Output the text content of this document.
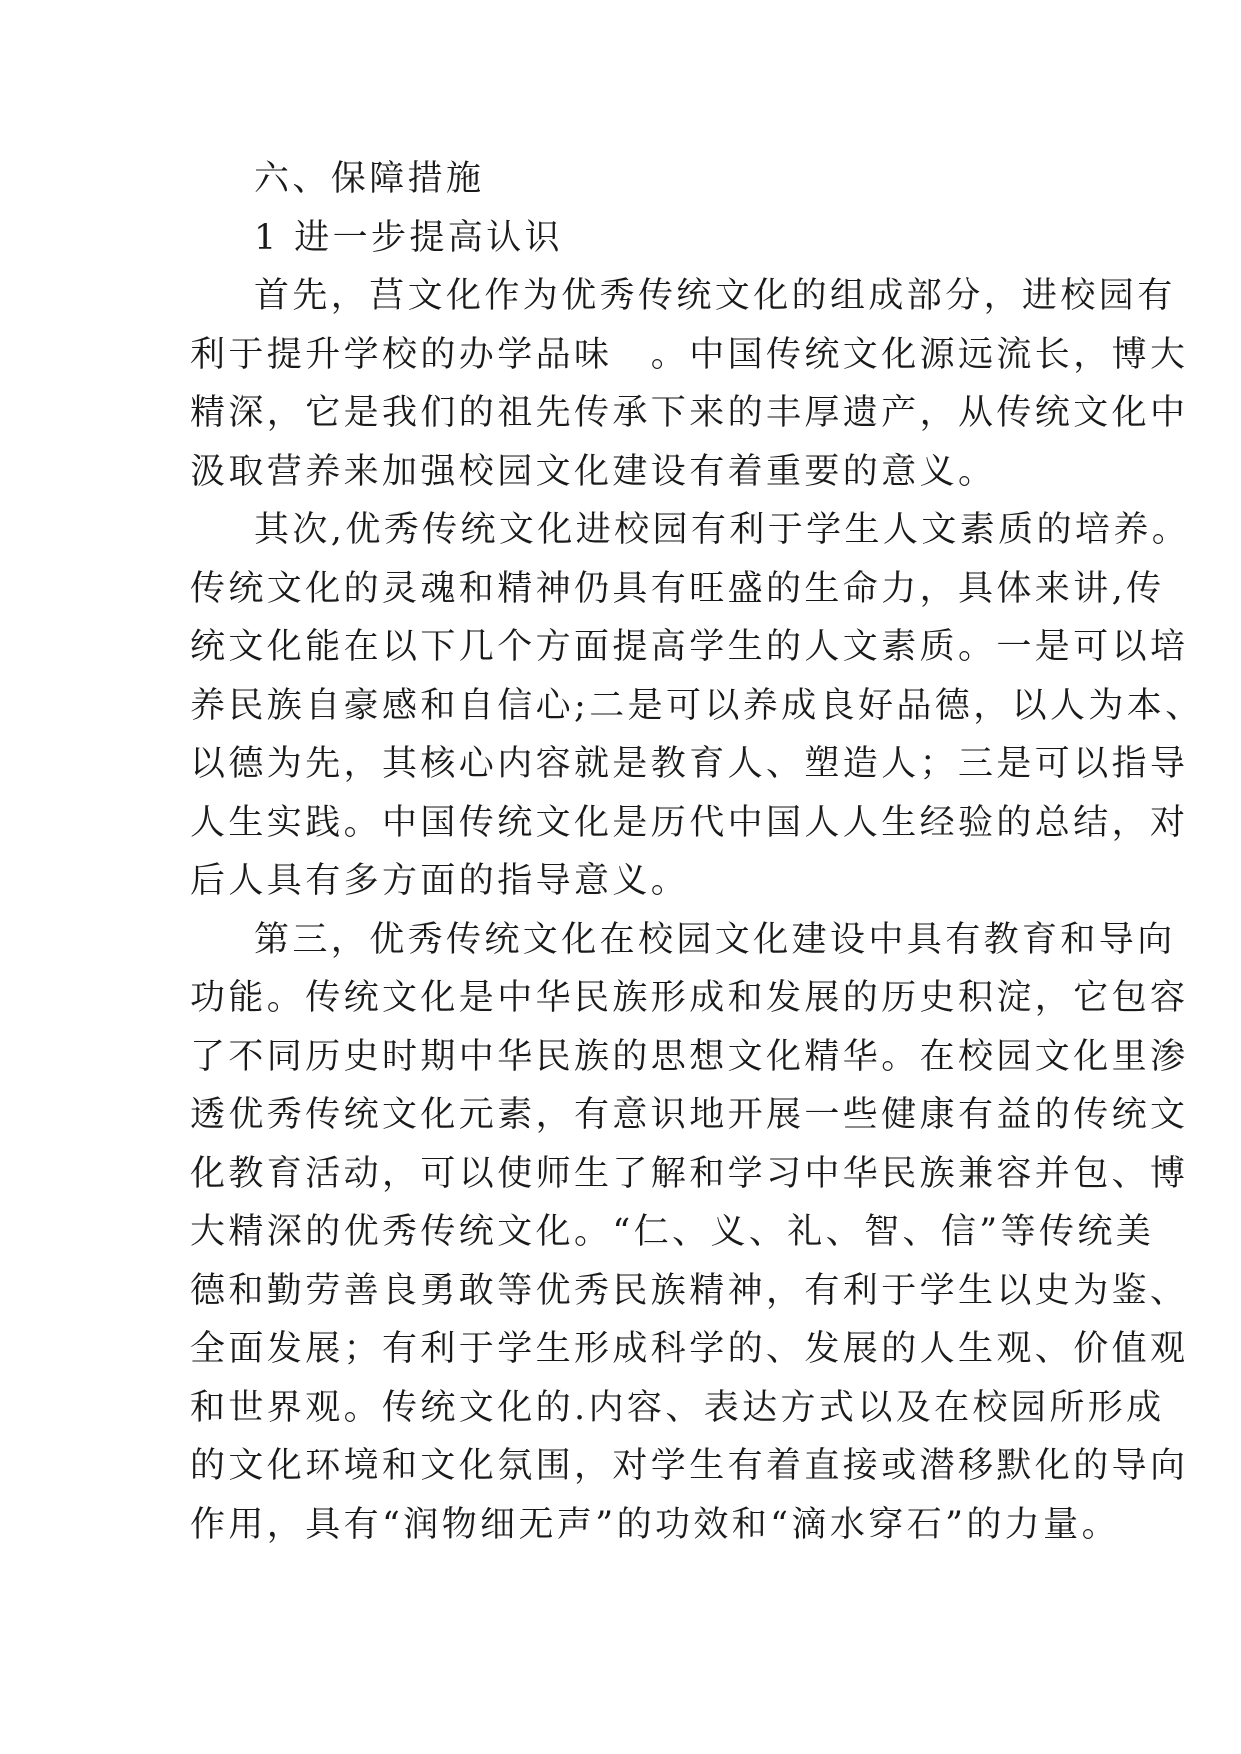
六、保障措施
1 进一步提高认识

首先，莒文化作为优秀传统文化的组成部分，进校园有
利于提升学校的办学品味　。中国传统文化源远流长，博大
精深，它是我们的祖先传承下来的丰厚遗产，从传统文化中
汲取营养来加强校园文化建设有着重要的意义。

其次,优秀传统文化进校园有利于学生人文素质的培养。
传统文化的灵魂和精神仍具有旺盛的生命力，具体来讲,传
统文化能在以下几个方面提高学生的人文素质。一是可以培
养民族自豪感和自信心;二是可以养成良好品德，以人为本、
以德为先，其核心内容就是教育人、塑造人；三是可以指导
人生实践。中国传统文化是历代中国人人生经验的总结，对
后人具有多方面的指导意义。

第三，优秀传统文化在校园文化建设中具有教育和导向
功能。传统文化是中华民族形成和发展的历史积淀，它包容
了不同历史时期中华民族的思想文化精华。在校园文化里渗
透优秀传统文化元素，有意识地开展一些健康有益的传统文
化教育活动，可以使师生了解和学习中华民族兼容并包、博
大精深的优秀传统文化。“仁、义、礼、智、信”等传统美
德和勤劳善良勇敢等优秀民族精神，有利于学生以史为鉴、
全面发展；有利于学生形成科学的、发展的人生观、价值观
和世界观。传统文化的.内容、表达方式以及在校园所形成
的文化环境和文化氛围，对学生有着直接或潜移默化的导向
作用，具有“润物细无声”的功效和“滴水穿石”的力量。
